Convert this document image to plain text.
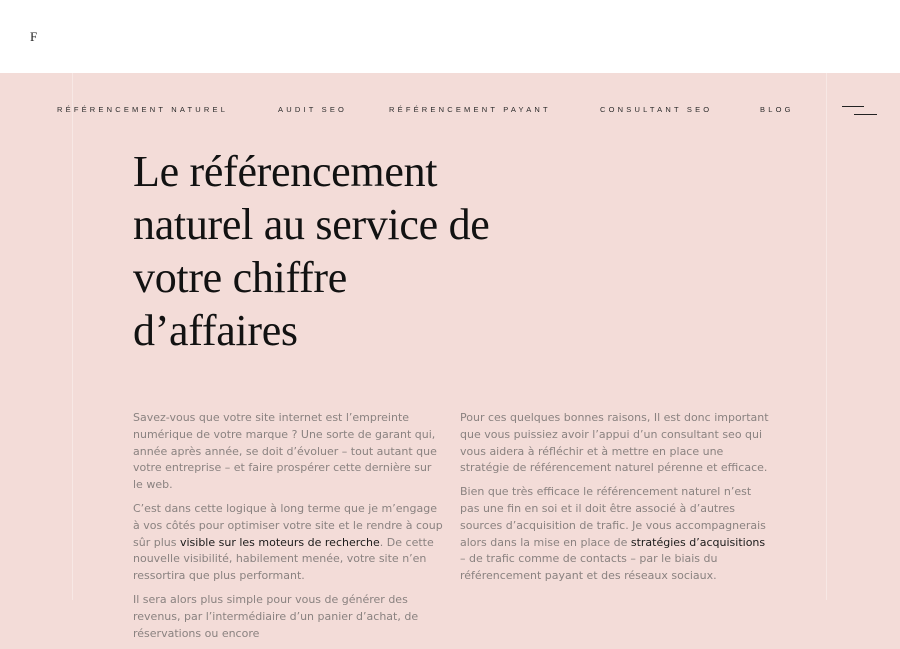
F
RÉFÉRENCEMENT NATUREL	AUDIT SEO	RÉFÉRENCEMENT PAYANT	CONSULTANT SEO	BLOG
Le référencement
naturel au service de
votre chiffre
d’affaires

Savez-vous que votre site internet est l’empreinte numérique de votre marque ? Une sorte de garant qui, année après année, se doit d’évoluer – tout autant que votre entreprise – et faire prospérer cette dernière sur le web.

C’est dans cette logique à long terme que je m’engage à vos côtés pour optimiser votre site et le rendre à coup sûr plus visible sur les moteurs de recherche. De cette nouvelle visibilité, habilement menée, votre site n’en ressortira que plus performant.

Il sera alors plus simple pour vous de générer des revenus, par l’intermédiaire d’un panier d’achat, de réservations ou encore

Pour ces quelques bonnes raisons, Il est donc important que vous puissiez avoir l’appui d’un consultant seo qui vous aidera à réfléchir et à mettre en place une stratégie de référencement naturel pérenne et efficace.

Bien que très efficace le référencement naturel n’est pas une fin en soi et il doit être associé à d’autres sources d’acquisition de trafic. Je vous accompagnerais alors dans la mise en place de stratégies d’acquisitions – de trafic comme de contacts – par le biais du référencement payant et des réseaux sociaux.
